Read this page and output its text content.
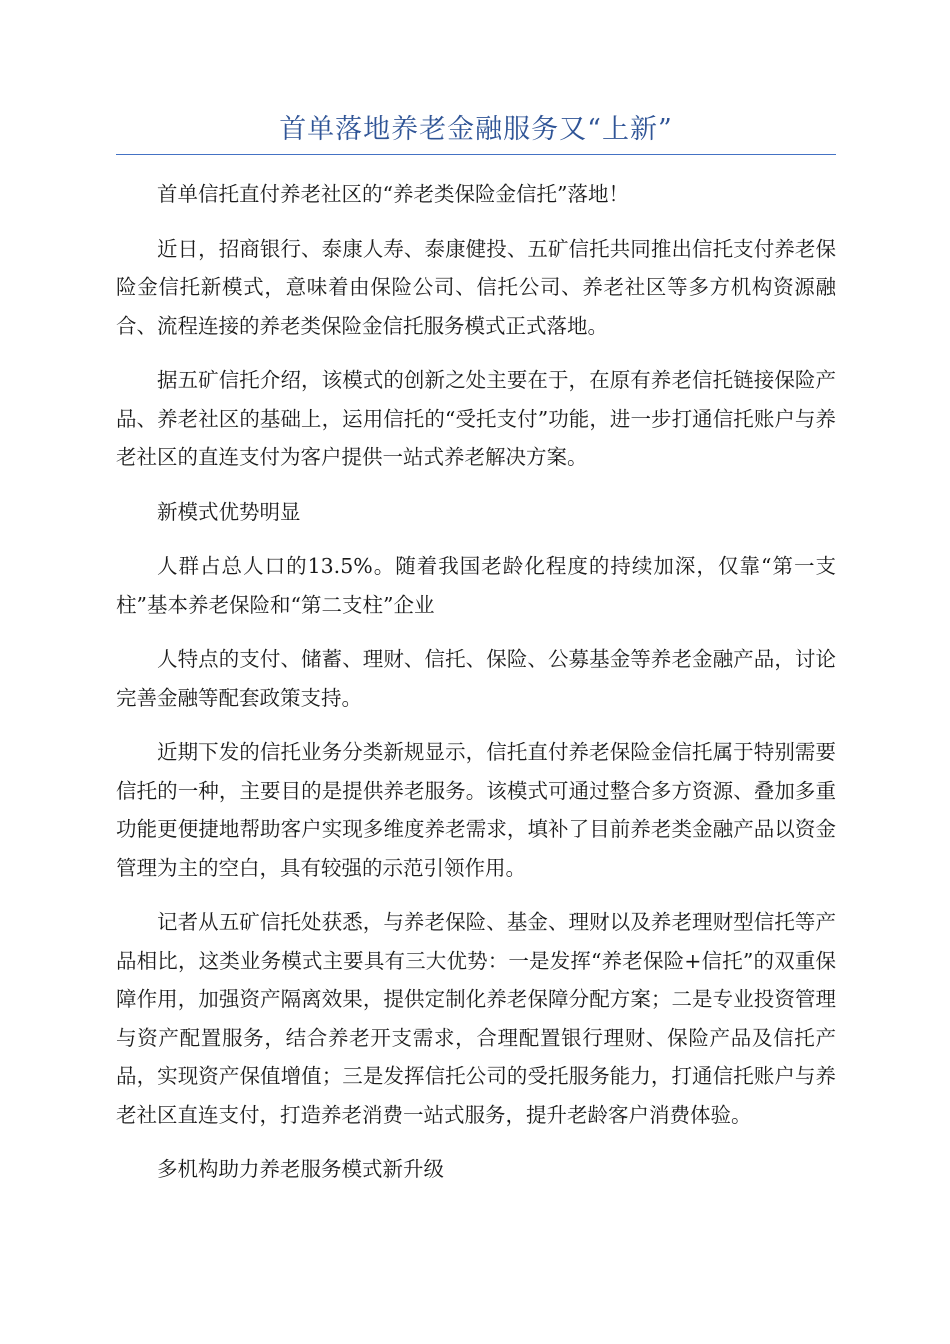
首单落地养老金融服务又“上新”

首单信托直付养老社区的“养老类保险金信托”落地！

近日，招商银行、泰康人寿、泰康健投、五矿信托共同推出信托支付养老保险金信托新模式，意味着由保险公司、信托公司、养老社区等多方机构资源融合、流程连接的养老类保险金信托服务模式正式落地。

据五矿信托介绍，该模式的创新之处主要在于，在原有养老信托链接保险产品、养老社区的基础上，运用信托的“受托支付”功能，进一步打通信托账户与养老社区的直连支付为客户提供一站式养老解决方案。

新模式优势明显

人群占总人口的13.5%。随着我国老龄化程度的持续加深，仅靠“第一支柱”基本养老保险和“第二支柱”企业

人特点的支付、储蓄、理财、信托、保险、公募基金等养老金融产品，讨论完善金融等配套政策支持。

近期下发的信托业务分类新规显示，信托直付养老保险金信托属于特别需要信托的一种，主要目的是提供养老服务。该模式可通过整合多方资源、叠加多重功能更便捷地帮助客户实现多维度养老需求，填补了目前养老类金融产品以资金管理为主的空白，具有较强的示范引领作用。

记者从五矿信托处获悉，与养老保险、基金、理财以及养老理财型信托等产品相比，这类业务模式主要具有三大优势：一是发挥“养老保险+信托”的双重保障作用，加强资产隔离效果，提供定制化养老保障分配方案；二是专业投资管理与资产配置服务，结合养老开支需求，合理配置银行理财、保险产品及信托产品，实现资产保值增值；三是发挥信托公司的受托服务能力，打通信托账户与养老社区直连支付，打造养老消费一站式服务，提升老龄客户消费体验。

多机构助力养老服务模式新升级
